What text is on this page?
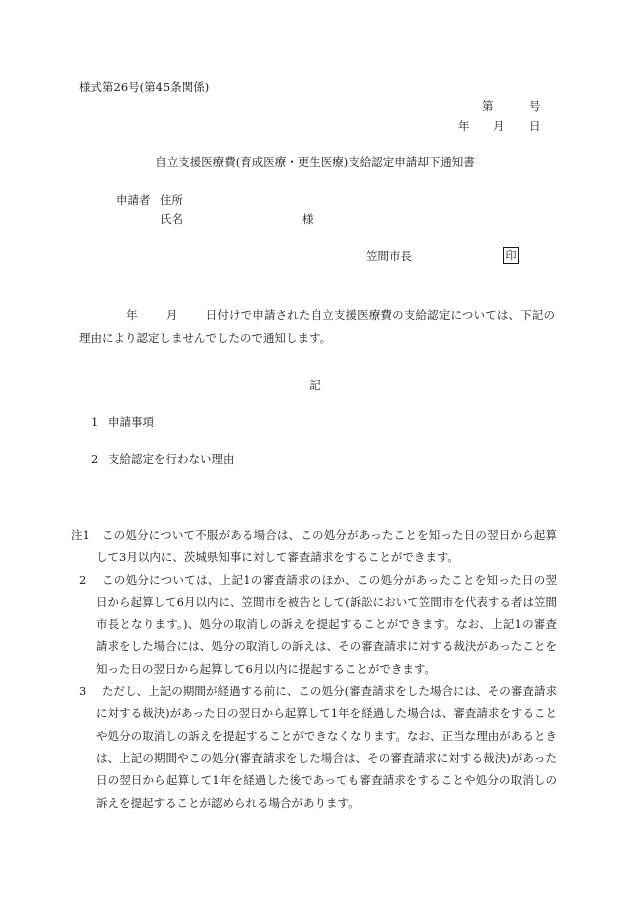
様式第26号(第45条関係)
第	号
年 月 日
自立支援医療費(育成医療・更生医療)支給認定申請却下通知書
申請者 住所
氏名	様
笠間市長	印
年 月 日付けで申請された自立支援医療費の支給認定については、下記の理由により認定しませんでしたので通知します。
記
1 申請事項
2 支給認定を行わない理由
注1 この処分について不服がある場合は、この処分があったことを知った日の翌日から起算して3月以内に、茨城県知事に対して審査請求をすることができます。
2 この処分については、上記1の審査請求のほか、この処分があったことを知った日の翌日から起算して6月以内に、笠間市を被告として(訴訟において笠間市を代表する者は笠間市長となります。)、処分の取消しの訴えを提起することができます。なお、上記1の審査請求をした場合には、処分の取消しの訴えは、その審査請求に対する裁決があったことを知った日の翌日から起算して6月以内に提起することができます。
3 ただし、上記の期間が経過する前に、この処分(審査請求をした場合には、その審査請求に対する裁決)があった日の翌日から起算して1年を経過した場合は、審査請求をすることや処分の取消しの訴えを提起することができなくなります。なお、正当な理由があるときは、上記の期間やこの処分(審査請求をした場合は、その審査請求に対する裁決)があった日の翌日から起算して1年を経過した後であっても審査請求をすることや処分の取消しの訴えを提起することが認められる場合があります。
